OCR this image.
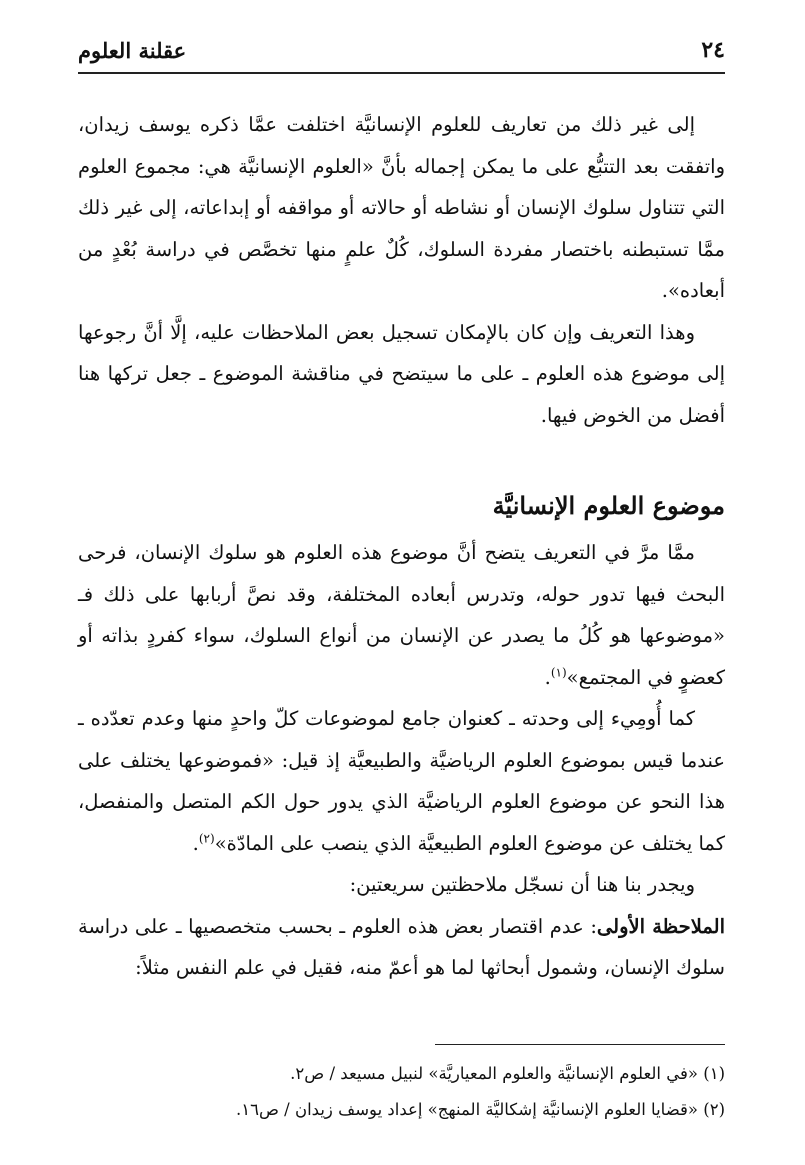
٢٤
عقلنة العلوم

إلى غير ذلك من تعاريف للعلوم الإنسانيَّة اختلفت عمَّا ذكره يوسف زيدان، واتفقت بعد التتبُّع على ما يمكن إجماله بأنَّ «العلوم الإنسانيَّة هي: مجموع العلوم التي تتناول سلوك الإنسان أو نشاطه أو حالاته أو مواقفه أو إبداعاته، إلى غير ذلك ممَّا تستبطنه باختصار مفردة السلوك، كُلٌ علمٍ منها تخصَّص في دراسة بُعْدٍ من أبعاده».

وهذا التعريف وإن كان بالإمكان تسجيل بعض الملاحظات عليه، إلَّا أنَّ رجوعها إلى موضوع هذه العلوم ـ على ما سيتضح في مناقشة الموضوع ـ جعل تركها هنا أفضل من الخوض فيها.

موضوع العلوم الإنسانيَّة

ممَّا مرَّ في التعريف يتضح أنَّ موضوع هذه العلوم هو سلوك الإنسان، فرحى البحث فيها تدور حوله، وتدرس أبعاده المختلفة، وقد نصَّ أربابها على ذلك فـ «موضوعها هو كُلُ ما يصدر عن الإنسان من أنواع السلوك، سواء كفردٍ بذاته أو كعضوٍ في المجتمع»$^{(١)}$.

كما أُومِيء إلى وحدته ـ كعنوان جامع لموضوعات كلّ واحدٍ منها وعدم تعدّده ـ عندما قيس بموضوع العلوم الرياضيَّة والطبيعيَّة إذ قيل: «فموضوعها يختلف على هذا النحو عن موضوع العلوم الرياضيَّة الذي يدور حول الكم المتصل والمنفصل، كما يختلف عن موضوع العلوم الطبيعيَّة الذي ينصب على المادّة»$^{(٢)}$.

ويجدر بنا هنا أن نسجّل ملاحظتين سريعتين:

الملاحظة الأولى: عدم اقتصار بعض هذه العلوم ـ بحسب متخصصيها ـ على دراسة سلوك الإنسان، وشمول أبحاثها لما هو أعمّ منه، فقيل في علم النفس مثلاً:

(١) «في العلوم الإنسانيَّة والعلوم المعياريَّة» لنبيل مسيعد / ص٢.

(٢) «قضايا العلوم الإنسانيَّة إشكاليَّة المنهج» إعداد يوسف زيدان / ص١٦.
